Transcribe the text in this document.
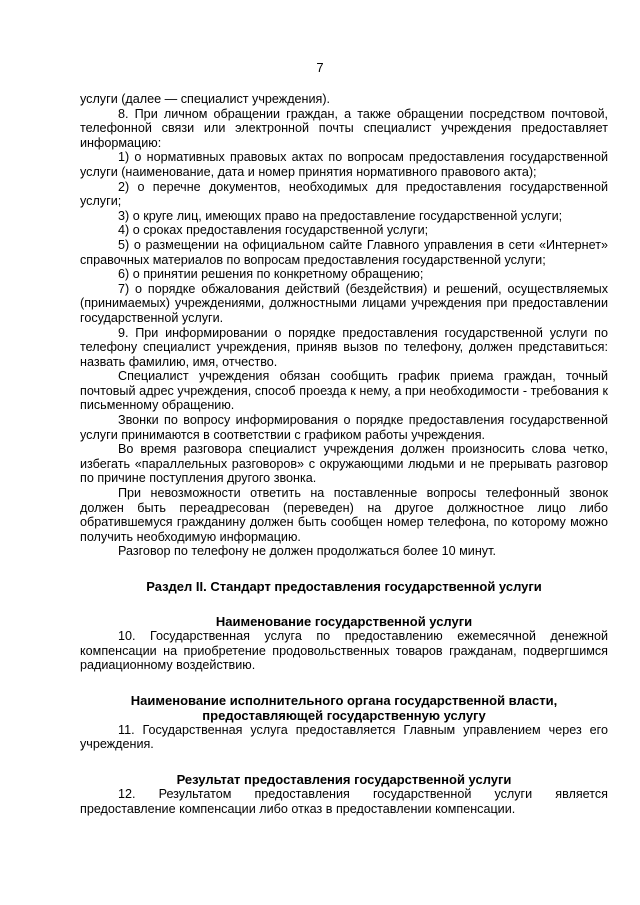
7

услуги (далее — специалист учреждения).

8. При личном обращении граждан, а также обращении посредством почтовой, телефонной связи или электронной почты специалист учреждения предоставляет информацию:

1) о нормативных правовых актах по вопросам предоставления государственной услуги (наименование, дата и номер принятия нормативного правового акта);

2) о перечне документов, необходимых для предоставления государственной услуги;

3) о круге лиц, имеющих право на предоставление государственной услуги;

4) о сроках предоставления государственной услуги;

5) о размещении на официальном сайте Главного управления в сети «Интернет» справочных материалов по вопросам предоставления государственной услуги;

6) о принятии решения по конкретному обращению;

7) о порядке обжалования действий (бездействия) и решений, осуществляемых (принимаемых) учреждениями, должностными лицами учреждения при предоставлении государственной услуги.

9. При информировании о порядке предоставления государственной услуги по телефону специалист учреждения, приняв вызов по телефону, должен представиться: назвать фамилию, имя, отчество.

Специалист учреждения обязан сообщить график приема граждан, точный почтовый адрес учреждения, способ проезда к нему, а при необходимости - требования к письменному обращению.

Звонки по вопросу информирования о порядке предоставления государственной услуги принимаются в соответствии с графиком работы учреждения.

Во время разговора специалист учреждения должен произносить слова четко, избегать «параллельных разговоров» с окружающими людьми и не прерывать разговор по причине поступления другого звонка.

При невозможности ответить на поставленные вопросы телефонный звонок должен быть переадресован (переведен) на другое должностное лицо либо обратившемуся гражданину должен быть сообщен номер телефона, по которому можно получить необходимую информацию.

Разговор по телефону не должен продолжаться более 10 минут.

Раздел II. Стандарт предоставления государственной услуги

Наименование государственной услуги

10. Государственная услуга по предоставлению ежемесячной денежной компенсации на приобретение продовольственных товаров гражданам, подвергшимся радиационному воздействию.

Наименование исполнительного органа государственной власти,

предоставляющей государственную услугу

11. Государственная услуга предоставляется Главным управлением через его учреждения.

Результат предоставления государственной услуги

12. Результатом предоставления государственной услуги является предоставление компенсации либо отказ в предоставлении компенсации.
